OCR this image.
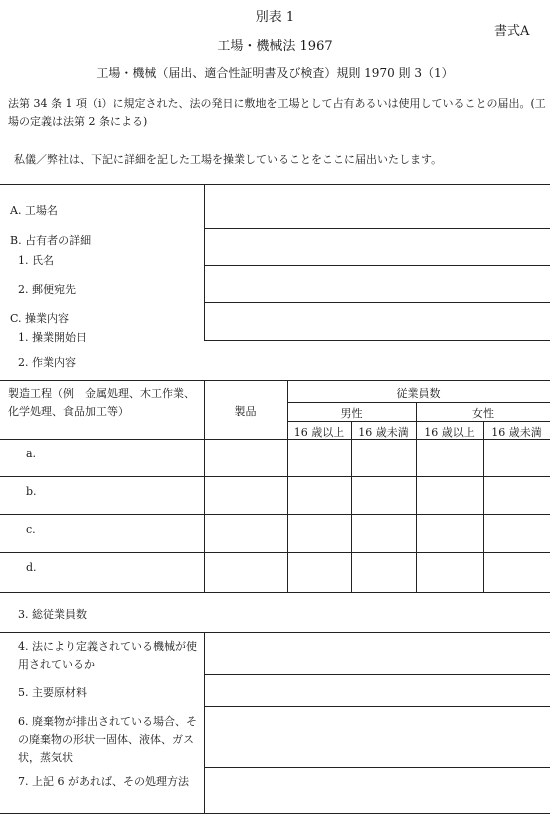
別表 1
書式A
工場・機械法 1967
工場・機械（届出、適合性証明書及び検査）規則 1970 則 3（1）
法第 34 条 1 項（i）に規定された、法の発日に敷地を工場として占有あるいは使用していることの届出。(工場の定義は法第 2 条による)
私儀／弊社は、下記に詳細を記した工場を操業していることをここに届出いたします。
A. 工場名
B. 占有者の詳細
1. 氏名
2. 郵便宛先
C. 操業内容
1. 操業開始日
2. 作業内容
製造工程（例　金属処理、木工作業、化学処理、食品加工等）	製品
従業員数
男性	女性
16 歳以上	16 歳未満	16 歳以上	16 歳未満
a.
b.
c.
d.
3. 総従業員数
4. 法により定義されている機械が使用されているか
5. 主要原材料
6. 廃棄物が排出されている場合、その廃棄物の形状一固体、液体、ガス状，蒸気状
7. 上記 6 があれば、その処理方法
